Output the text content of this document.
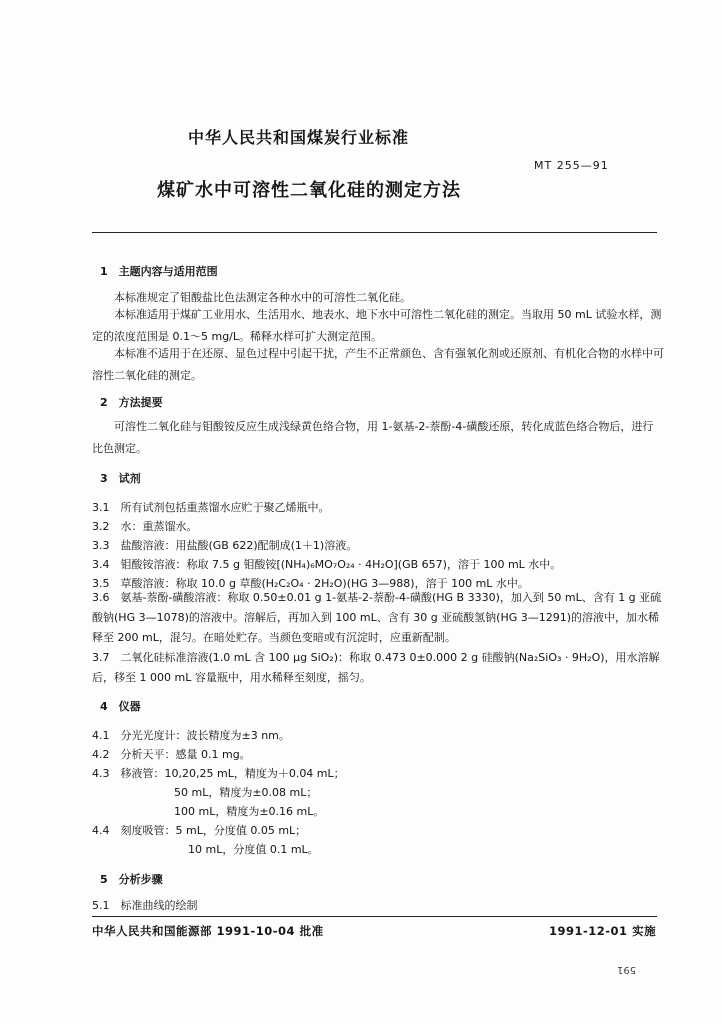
中华人民共和国煤炭行业标准
MT 255—91
煤矿水中可溶性二氧化硅的测定方法
1　主题内容与适用范围
本标准规定了钼酸盐比色法测定各种水中的可溶性二氧化硅。
本标准适用于煤矿工业用水、生活用水、地表水、地下水中可溶性二氧化硅的测定。当取用 50 mL 试验水样，测定的浓度范围是 0.1～5 mg/L。稀释水样可扩大测定范围。
本标准不适用于在还原、显色过程中引起干扰，产生不正常颜色、含有强氧化剂或还原剂、有机化合物的水样中可溶性二氧化硅的测定。
2　方法提要
可溶性二氧化硅与钼酸铵反应生成浅绿黄色络合物，用 1-氨基-2-萘酚-4-磺酸还原，转化成蓝色络合物后，进行比色测定。
3　试剂
3.1　所有试剂包括重蒸馏水应贮于聚乙烯瓶中。
3.2　水：重蒸馏水。
3.3　盐酸溶液：用盐酸(GB 622)配制成(1＋1)溶液。
3.4　钼酸铵溶液：称取 7.5 g 钼酸铵[(NH₄)₆MO₇O₂₄ · 4H₂O](GB 657)，溶于 100 mL 水中。
3.5　草酸溶液：称取 10.0 g 草酸(H₂C₂O₄ · 2H₂O)(HG 3—988)，溶于 100 mL 水中。
3.6　氨基-萘酚-磺酸溶液：称取 0.50±0.01 g 1-氨基-2-萘酚-4-磺酸(HG B 3330)，加入到 50 mL、含有 1 g 亚硫酸钠(HG 3—1078)的溶液中。溶解后，再加入到 100 mL、含有 30 g 亚硫酸氢钠(HG 3—1291)的溶液中，加水稀释至 200 mL，混匀。在暗处贮存。当颜色变暗或有沉淀时，应重新配制。
3.7　二氧化硅标准溶液(1.0 mL 含 100 μg SiO₂)：称取 0.473 0±0.000 2 g 硅酸钠(Na₂SiO₃ · 9H₂O)，用水溶解后，移至 1 000 mL 容量瓶中，用水稀释至刻度，摇匀。
4　仪器
4.1　分光光度计：波长精度为±3 nm。
4.2　分析天平：感量 0.1 mg。
4.3　移液管：10,20,25 mL，精度为＋0.04 mL；
50 mL，精度为±0.08 mL；
100 mL，精度为±0.16 mL。
4.4　刻度吸管：5 mL，分度值 0.05 mL；
10 mL，分度值 0.1 mL。
5　分析步骤
5.1　标准曲线的绘制
中华人民共和国能源部 1991-10-04 批准	1991-12-01 实施
591
